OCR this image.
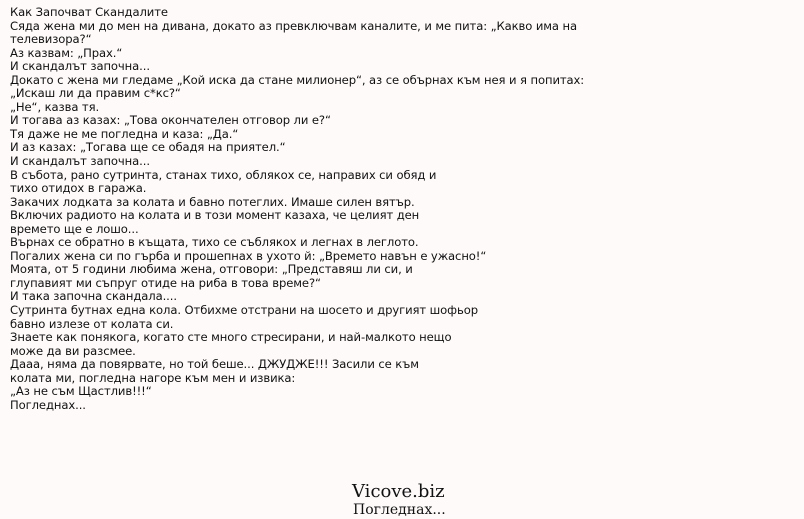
Как Започват Скандалите
Сяда жена ми до мен на дивана, докато аз превключвам каналите, и ме пита: „Какво има на
телевизора?“
Аз казвам: „Прах.“
И скандалът започна...
Докато с жена ми гледаме „Кой иска да стане милионер“, аз се обърнах към нея и я попитах:
„Искаш ли да правим с*кс?“
„Не“, казва тя.
И тогава аз казах: „Това окончателен отговор ли е?“
Тя даже не ме погледна и каза: „Да.“
И аз казах: „Тогава ще се обадя на приятел.“
И скандалът започна...
В събота, рано сутринта, станах тихо, облякох се, направих си обяд и
тихо отидох в гаража.
Закачих лодката за колата и бавно потеглих. Имаше силен вятър.
Включих радиото на колата и в този момент казаха, че целият ден
времето ще е лошо...
Върнах се обратно в къщата, тихо се съблякох и легнах в леглото.
Погалих жена си по гърба и прошепнах в ухото й: „Времето навън е ужасно!“
Моята, от 5 години любима жена, отговори: „Представяш ли си, и
глупавият ми съпруг отиде на риба в това време?“
И така започна скандала....
Сутринта бутнах една кола. Отбихме отстрани на шосето и другият шофьор
бавно излезе от колата си.
Знаете как понякога, когато сте много стресирани, и най-малкото нещо
може да ви разсмее.
Дааа, няма да повярвате, но той беше... ДЖУДЖЕ!!! Засили се към
колата ми, погледна нагоре към мен и извика:
„Аз не съм Щастлив!!!“
Погледнах...
Vicove.biz
Погледнах...
